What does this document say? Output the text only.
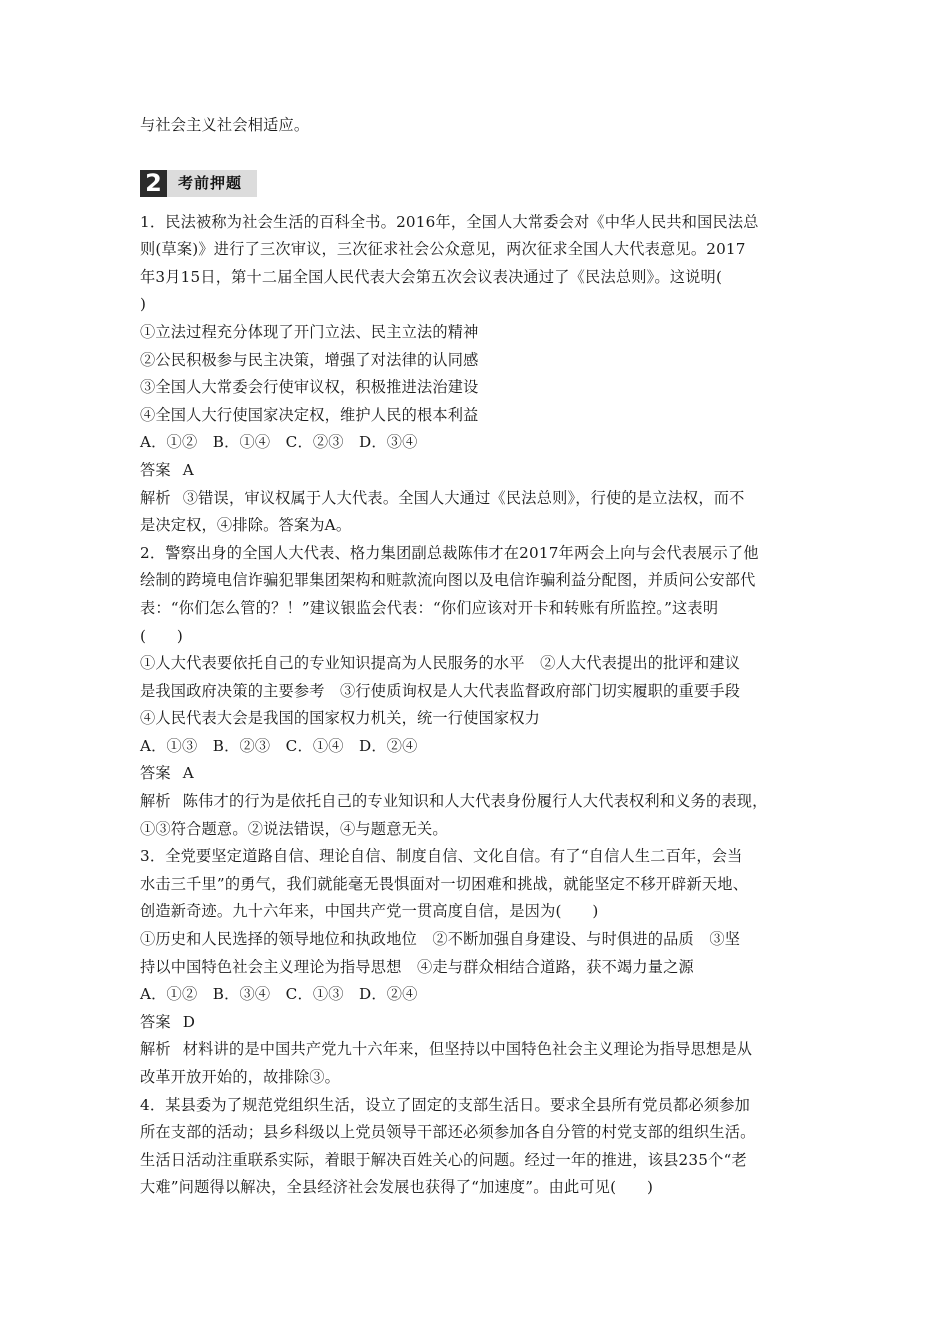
与社会主义社会相适应。
2	考前押题
1．民法被称为社会生活的百科全书。2016年，全国人大常委会对《中华人民共和国民法总
则(草案)》进行了三次审议，三次征求社会公众意见，两次征求全国人大代表意见。2017
年3月15日，第十二届全国人民代表大会第五次会议表决通过了《民法总则》。这说明(
)
①立法过程充分体现了开门立法、民主立法的精神
②公民积极参与民主决策，增强了对法律的认同感
③全国人大常委会行使审议权，积极推进法治建设
④全国人大行使国家决定权，维护人民的根本利益
A．①②　B．①④　C．②③　D．③④
答案 A
解析 ③错误，审议权属于人大代表。全国人大通过《民法总则》，行使的是立法权，而不
是决定权，④排除。答案为A。
2．警察出身的全国人大代表、格力集团副总裁陈伟才在2017年两会上向与会代表展示了他
绘制的跨境电信诈骗犯罪集团架构和赃款流向图以及电信诈骗利益分配图，并质问公安部代
表：“你们怎么管的？！”建议银监会代表：“你们应该对开卡和转账有所监控。”这表明
(　　)
①人大代表要依托自己的专业知识提高为人民服务的水平　②人大代表提出的批评和建议
是我国政府决策的主要参考　③行使质询权是人大代表监督政府部门切实履职的重要手段
④人民代表大会是我国的国家权力机关，统一行使国家权力
A．①③　B．②③　C．①④　D．②④
答案 A
解析 陈伟才的行为是依托自己的专业知识和人大代表身份履行人大代表权利和义务的表现，
①③符合题意。②说法错误，④与题意无关。
3．全党要坚定道路自信、理论自信、制度自信、文化自信。有了“自信人生二百年，会当
水击三千里”的勇气，我们就能毫无畏惧面对一切困难和挑战，就能坚定不移开辟新天地、
创造新奇迹。九十六年来，中国共产党一贯高度自信，是因为(　　)
①历史和人民选择的领导地位和执政地位　②不断加强自身建设、与时俱进的品质　③坚
持以中国特色社会主义理论为指导思想　④走与群众相结合道路，获不竭力量之源
A．①②　B．③④　C．①③　D．②④
答案 D
解析 材料讲的是中国共产党九十六年来，但坚持以中国特色社会主义理论为指导思想是从
改革开放开始的，故排除③。
4．某县委为了规范党组织生活，设立了固定的支部生活日。要求全县所有党员都必须参加
所在支部的活动；县乡科级以上党员领导干部还必须参加各自分管的村党支部的组织生活。
生活日活动注重联系实际，着眼于解决百姓关心的问题。经过一年的推进，该县235个“老
大难”问题得以解决，全县经济社会发展也获得了“加速度”。由此可见(　　)
